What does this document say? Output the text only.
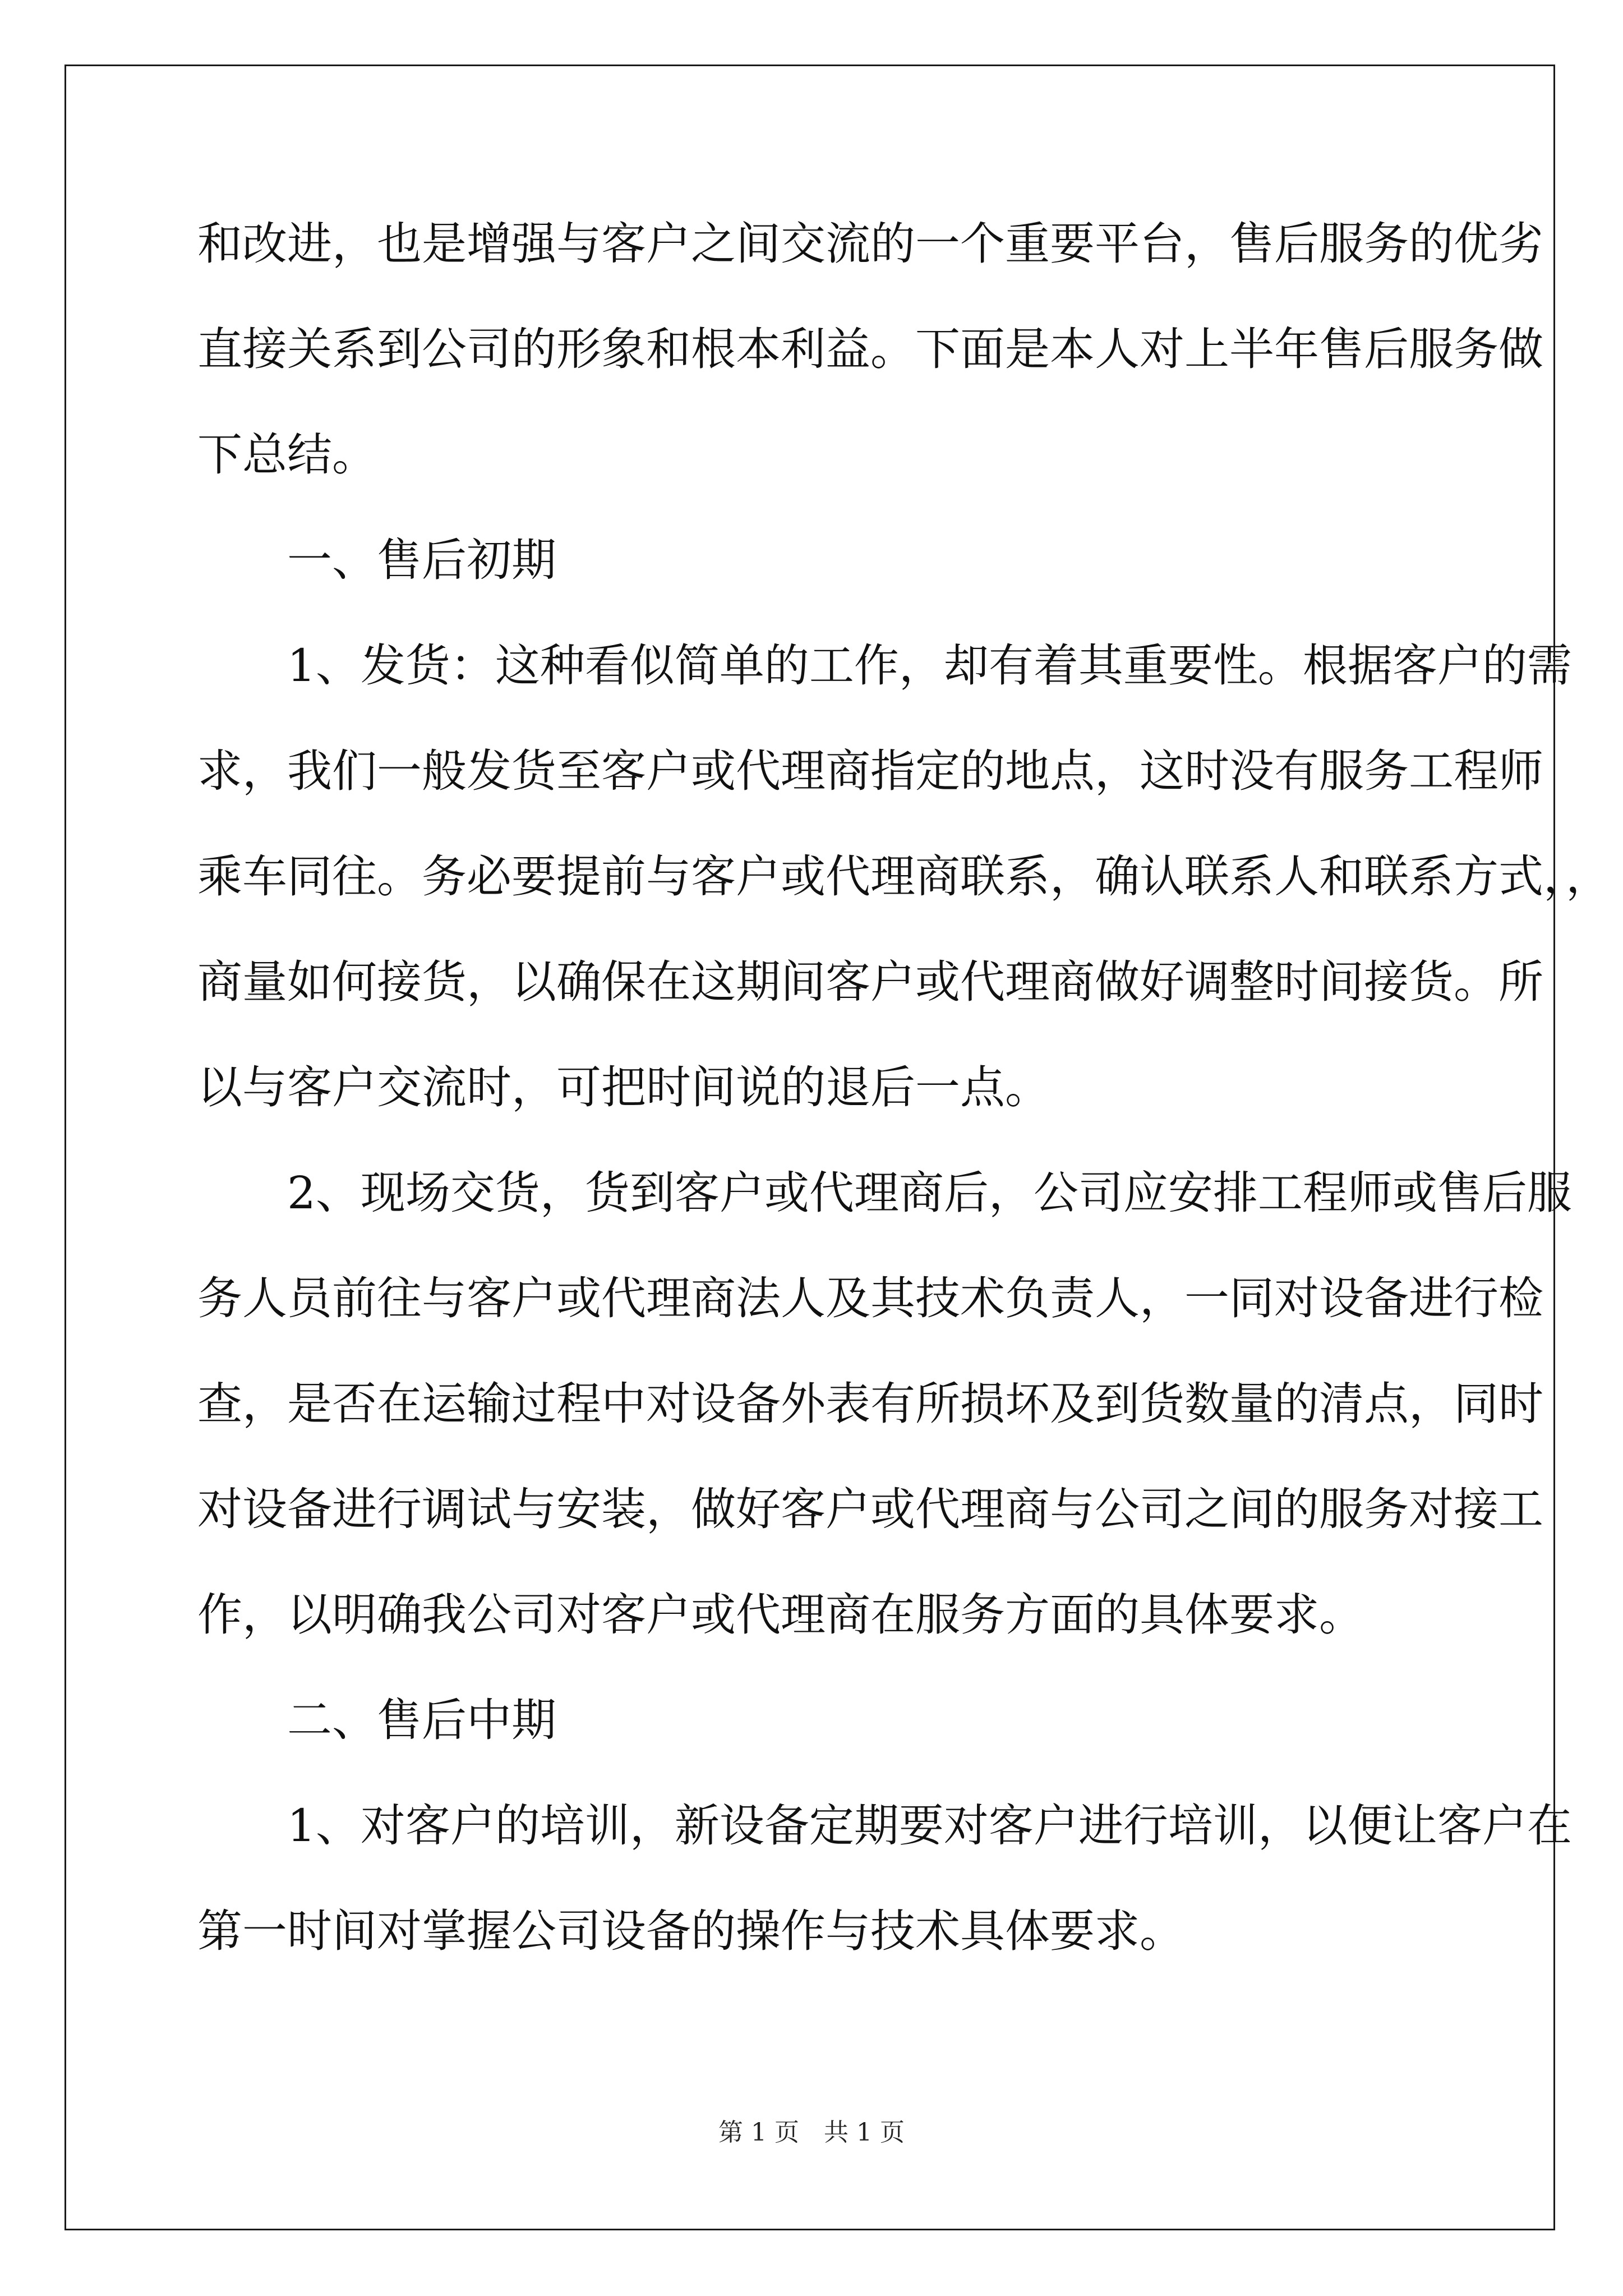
和改进，也是增强与客户之间交流的一个重要平台，售后服务的优劣
直接关系到公司的形象和根本利益。下面是本人对上半年售后服务做
下总结。
一、售后初期
1、发货：这种看似简单的工作，却有着其重要性。根据客户的需
求，我们一般发货至客户或代理商指定的地点，这时没有服务工程师
乘车同往。务必要提前与客户或代理商联系，确认联系人和联系方式，，
商量如何接货，以确保在这期间客户或代理商做好调整时间接货。所
以与客户交流时，可把时间说的退后一点。
2、现场交货，货到客户或代理商后，公司应安排工程师或售后服
务人员前往与客户或代理商法人及其技术负责人，一同对设备进行检
查，是否在运输过程中对设备外表有所损坏及到货数量的清点，同时
对设备进行调试与安装，做好客户或代理商与公司之间的服务对接工
作，以明确我公司对客户或代理商在服务方面的具体要求。
二、售后中期
1、对客户的培训，新设备定期要对客户进行培训，以便让客户在
第一时间对掌握公司设备的操作与技术具体要求。
第 1 页　共 1 页
